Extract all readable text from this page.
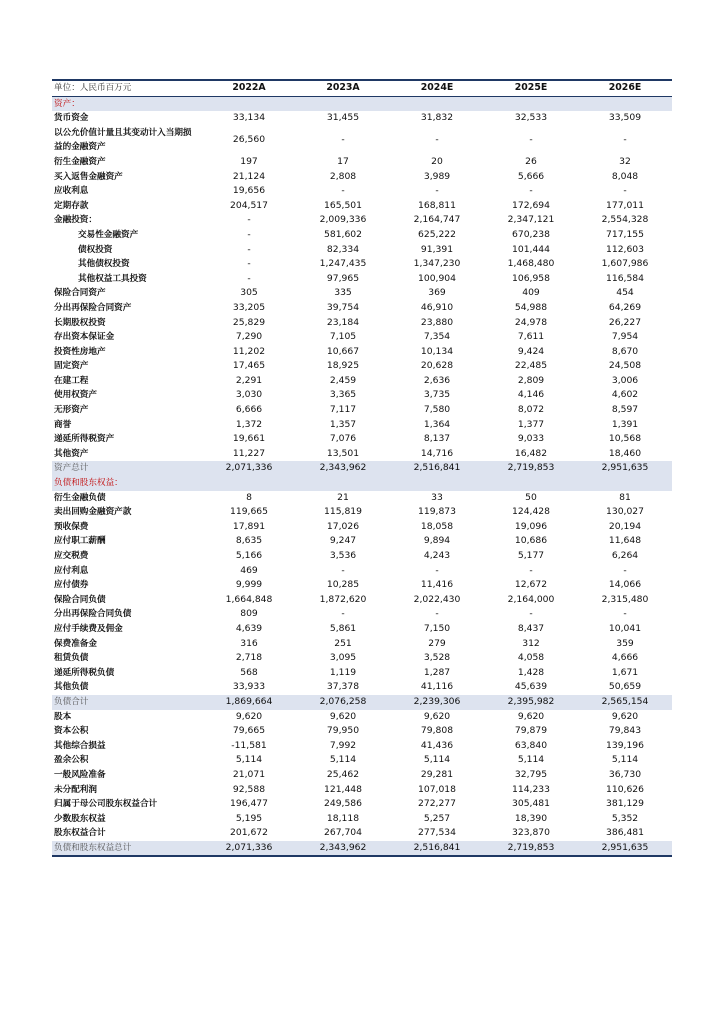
单位：人民币百万元	2022A	2023A	2024E	2025E	2026E
资产：					
货币资金	33,134	31,455	31,832	32,533	33,509
以公允价值计量且其变动计入当期损益的金融资产	26,560	-	-	-	-
衍生金融资产	197	17	20	26	32
买入返售金融资产	21,124	2,808	3,989	5,666	8,048
应收利息	19,656	-	-	-	-
定期存款	204,517	165,501	168,811	172,694	177,011
金融投资：	-	2,009,336	2,164,747	2,347,121	2,554,328
交易性金融资产	-	581,602	625,222	670,238	717,155
债权投资	-	82,334	91,391	101,444	112,603
其他债权投资	-	1,247,435	1,347,230	1,468,480	1,607,986
其他权益工具投资	-	97,965	100,904	106,958	116,584
保险合同资产	305	335	369	409	454
分出再保险合同资产	33,205	39,754	46,910	54,988	64,269
长期股权投资	25,829	23,184	23,880	24,978	26,227
存出资本保证金	7,290	7,105	7,354	7,611	7,954
投资性房地产	11,202	10,667	10,134	9,424	8,670
固定资产	17,465	18,925	20,628	22,485	24,508
在建工程	2,291	2,459	2,636	2,809	3,006
使用权资产	3,030	3,365	3,735	4,146	4,602
无形资产	6,666	7,117	7,580	8,072	8,597
商誉	1,372	1,357	1,364	1,377	1,391
递延所得税资产	19,661	7,076	8,137	9,033	10,568
其他资产	11,227	13,501	14,716	16,482	18,460
资产总计	2,071,336	2,343,962	2,516,841	2,719,853	2,951,635
负债和股东权益：					
衍生金融负债	8	21	33	50	81
卖出回购金融资产款	119,665	115,819	119,873	124,428	130,027
预收保费	17,891	17,026	18,058	19,096	20,194
应付职工薪酬	8,635	9,247	9,894	10,686	11,648
应交税费	5,166	3,536	4,243	5,177	6,264
应付利息	469	-	-	-	-
应付债券	9,999	10,285	11,416	12,672	14,066
保险合同负债	1,664,848	1,872,620	2,022,430	2,164,000	2,315,480
分出再保险合同负债	809	-	-	-	-
应付手续费及佣金	4,639	5,861	7,150	8,437	10,041
保费准备金	316	251	279	312	359
租赁负债	2,718	3,095	3,528	4,058	4,666
递延所得税负债	568	1,119	1,287	1,428	1,671
其他负债	33,933	37,378	41,116	45,639	50,659
负债合计	1,869,664	2,076,258	2,239,306	2,395,982	2,565,154
股本	9,620	9,620	9,620	9,620	9,620
资本公积	79,665	79,950	79,808	79,879	79,843
其他综合损益	-11,581	7,992	41,436	63,840	139,196
盈余公积	5,114	5,114	5,114	5,114	5,114
一般风险准备	21,071	25,462	29,281	32,795	36,730
未分配利润	92,588	121,448	107,018	114,233	110,626
归属于母公司股东权益合计	196,477	249,586	272,277	305,481	381,129
少数股东权益	5,195	18,118	5,257	18,390	5,352
股东权益合计	201,672	267,704	277,534	323,870	386,481
负债和股东权益总计	2,071,336	2,343,962	2,516,841	2,719,853	2,951,635
